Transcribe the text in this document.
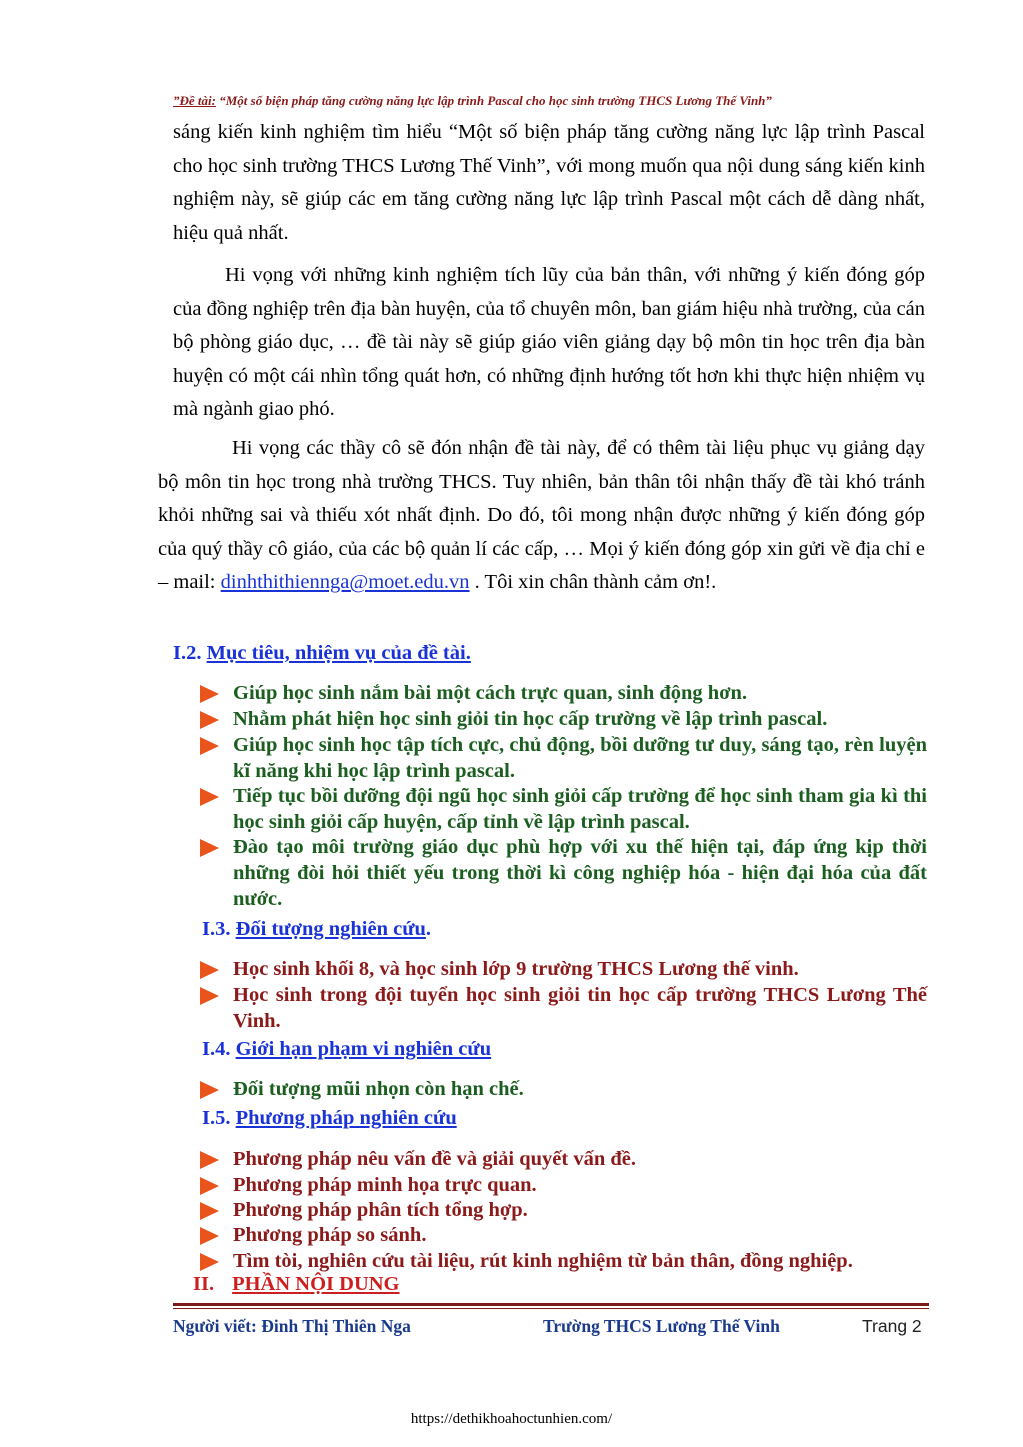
”Đề tài: “Một số biện pháp tăng cường năng lực lập trình Pascal cho học sinh trường THCS Lương Thế Vinh”
sáng kiến kinh nghiệm tìm hiểu “Một số biện pháp tăng cường năng lực lập trình Pascal cho học sinh trường THCS Lương Thế Vinh”, với mong muốn qua nội dung sáng kiến kinh nghiệm này, sẽ giúp các em tăng cường năng lực lập trình Pascal một cách dễ dàng nhất, hiệu quả nhất.
Hi vọng với những kinh nghiệm tích lũy của bản thân, với những ý kiến đóng góp của đồng nghiệp trên địa bàn huyện, của tổ chuyên môn, ban giám hiệu nhà trường, của cán bộ phòng giáo dục, … đề tài này sẽ giúp giáo viên giảng dạy bộ môn tin học trên địa bàn huyện có một cái nhìn tổng quát hơn, có những định hướng tốt hơn khi thực hiện nhiệm vụ mà ngành giao phó.
Hi vọng các thầy cô sẽ đón nhận đề tài này, để có thêm tài liệu phục vụ giảng dạy bộ môn tin học trong nhà trường THCS. Tuy nhiên, bản thân tôi nhận thấy đề tài khó tránh khỏi những sai và thiếu xót nhất định. Do đó, tôi mong nhận được những ý kiến đóng góp của quý thầy cô giáo, của các bộ quản lí các cấp, … Mọi ý kiến đóng góp xin gửi về địa chỉ e – mail: dinhthithiennga@moet.edu.vn . Tôi xin chân thành cảm ơn!.
I.2. Mục tiêu, nhiệm vụ của đề tài.
Giúp học sinh nắm bài một cách trực quan, sinh động hơn.
Nhằm phát hiện học sinh giỏi tin học cấp trường về lập trình pascal.
Giúp học sinh học tập tích cực, chủ động, bồi dưỡng tư duy, sáng tạo, rèn luyện kĩ năng khi học lập trình pascal.
Tiếp tục bồi dưỡng đội ngũ học sinh giỏi cấp trường để học sinh tham gia kì thi học sinh giỏi cấp huyện, cấp tỉnh về lập trình pascal.
Đào tạo môi trường giáo dục phù hợp với xu thế hiện tại, đáp ứng kịp thời những đòi hỏi thiết yếu trong thời kì công nghiệp hóa - hiện đại hóa của đất nước.
I.3. Đối tượng nghiên cứu.
Học sinh khối 8, và học sinh lớp 9 trường THCS Lương thế vinh.
Học sinh trong đội tuyển học sinh giỏi tin học cấp trường THCS Lương Thế Vinh.
I.4. Giới hạn phạm vi nghiên cứu
Đối tượng mũi nhọn còn hạn chế.
I.5. Phương pháp nghiên cứu
Phương pháp nêu vấn đề và giải quyết vấn đề.
Phương pháp minh họa trực quan.
Phương pháp phân tích tổng hợp.
Phương pháp so sánh.
Tìm tòi, nghiên cứu tài liệu, rút kinh nghiệm từ bản thân, đồng nghiệp.
II. PHẦN NỘI DUNG
Người viết: Đinh Thị Thiên Nga	Trường THCS Lương Thế Vinh	Trang 2
https://dethikhoahoctunhien.com/
